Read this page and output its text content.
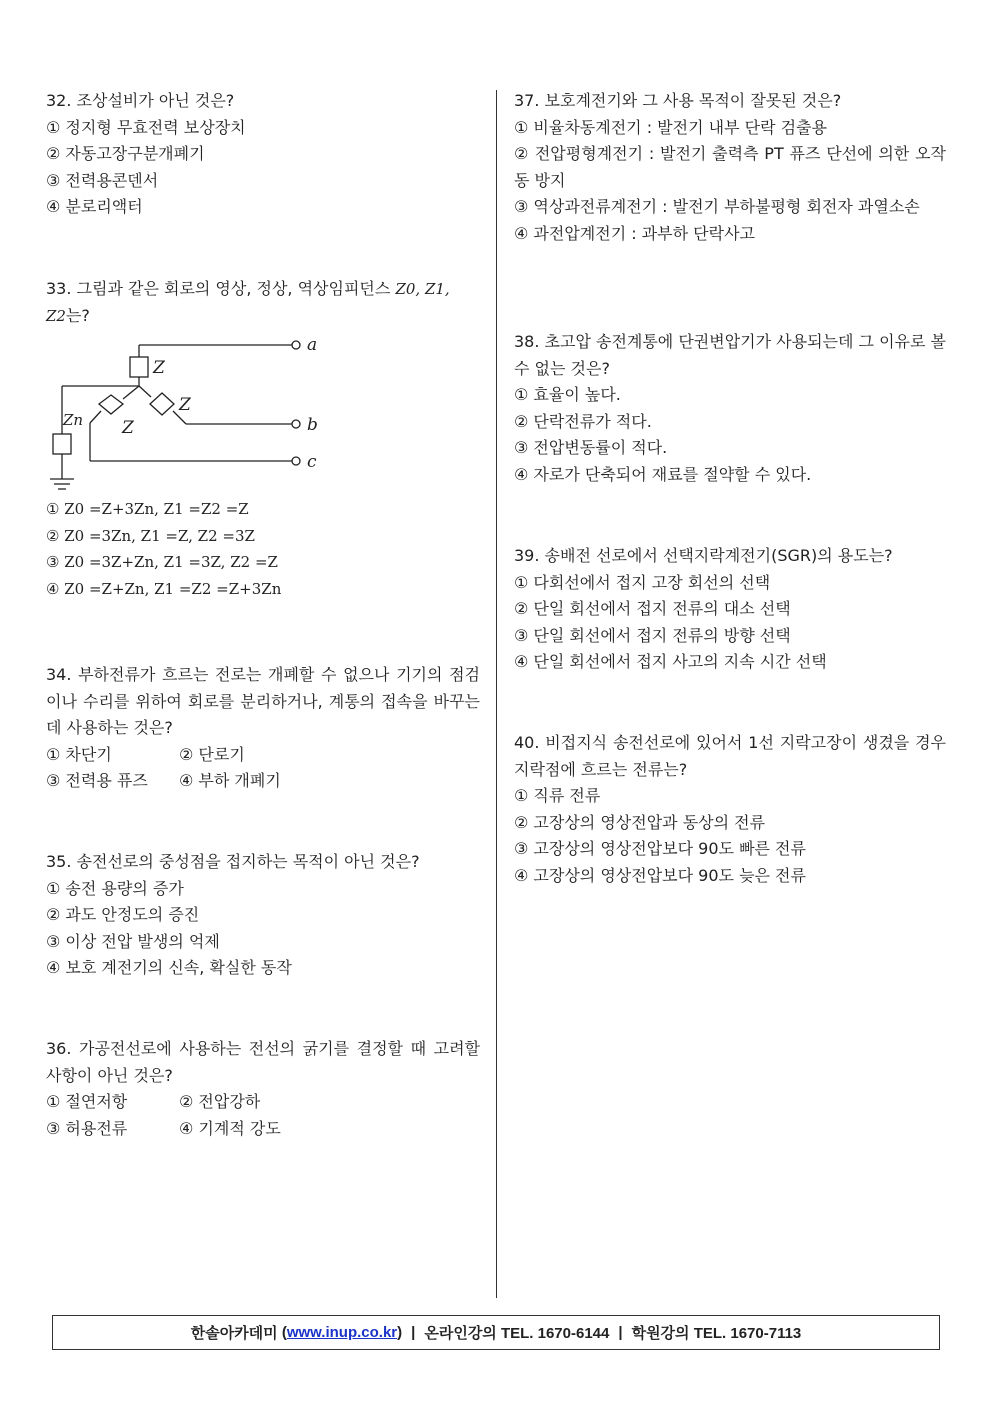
32. 조상설비가 아닌 것은?
① 정지형 무효전력 보상장치
② 자동고장구분개폐기
③ 전력용콘덴서
④ 분로리액터
33. 그림과 같은 회로의 영상, 정상, 역상임피던스 Z0, Z1,
Z2는?
a
b
c
Z
Z
Z
Zn
① Z0 =Z+3Zn, Z1 =Z2 =Z
② Z0 =3Zn, Z1 =Z, Z2 =3Z
③ Z0 =3Z+Zn, Z1 =3Z, Z2 =Z
④ Z0 =Z+Zn, Z1 =Z2 =Z+3Zn
34. 부하전류가 흐르는 전로는 개폐할 수 없으나 기기의 점검이나 수리를 위하여 회로를 분리하거나, 계통의 접속을 바꾸는데 사용하는 것은?
① 차단기	② 단로기
③ 전력용 퓨즈	④ 부하 개폐기
35. 송전선로의 중성점을 접지하는 목적이 아닌 것은?
① 송전 용량의 증가
② 과도 안정도의 증진
③ 이상 전압 발생의 억제
④ 보호 계전기의 신속, 확실한 동작
36. 가공전선로에 사용하는 전선의 굵기를 결정할 때 고려할 사항이 아닌 것은?
① 절연저항	② 전압강하
③ 허용전류	④ 기계적 강도
37. 보호계전기와 그 사용 목적이 잘못된 것은?
① 비율차동계전기 : 발전기 내부 단락 검출용
② 전압평형계전기 : 발전기 출력측 PT 퓨즈 단선에 의한 오작동 방지
③ 역상과전류계전기 : 발전기 부하불평형 회전자 과열소손
④ 과전압계전기 : 과부하 단락사고
38. 초고압 송전계통에 단권변압기가 사용되는데 그 이유로 볼 수 없는 것은?
① 효율이 높다.
② 단락전류가 적다.
③ 전압변동률이 적다.
④ 자로가 단축되어 재료를 절약할 수 있다.
39. 송배전 선로에서 선택지락계전기(SGR)의 용도는?
① 다회선에서 접지 고장 회선의 선택
② 단일 회선에서 접지 전류의 대소 선택
③ 단일 회선에서 접지 전류의 방향 선택
④ 단일 회선에서 접지 사고의 지속 시간 선택
40. 비접지식 송전선로에 있어서 1선 지락고장이 생겼을 경우 지락점에 흐르는 전류는?
① 직류 전류
② 고장상의 영상전압과 동상의 전류
③ 고장상의 영상전압보다 90도 빠른 전류
④ 고장상의 영상전압보다 90도 늦은 전류
한솔아카데미 ( www.inup.co.kr ) | 온라인강의 TEL. 1670-6144 | 학원강의 TEL. 1670-7113
